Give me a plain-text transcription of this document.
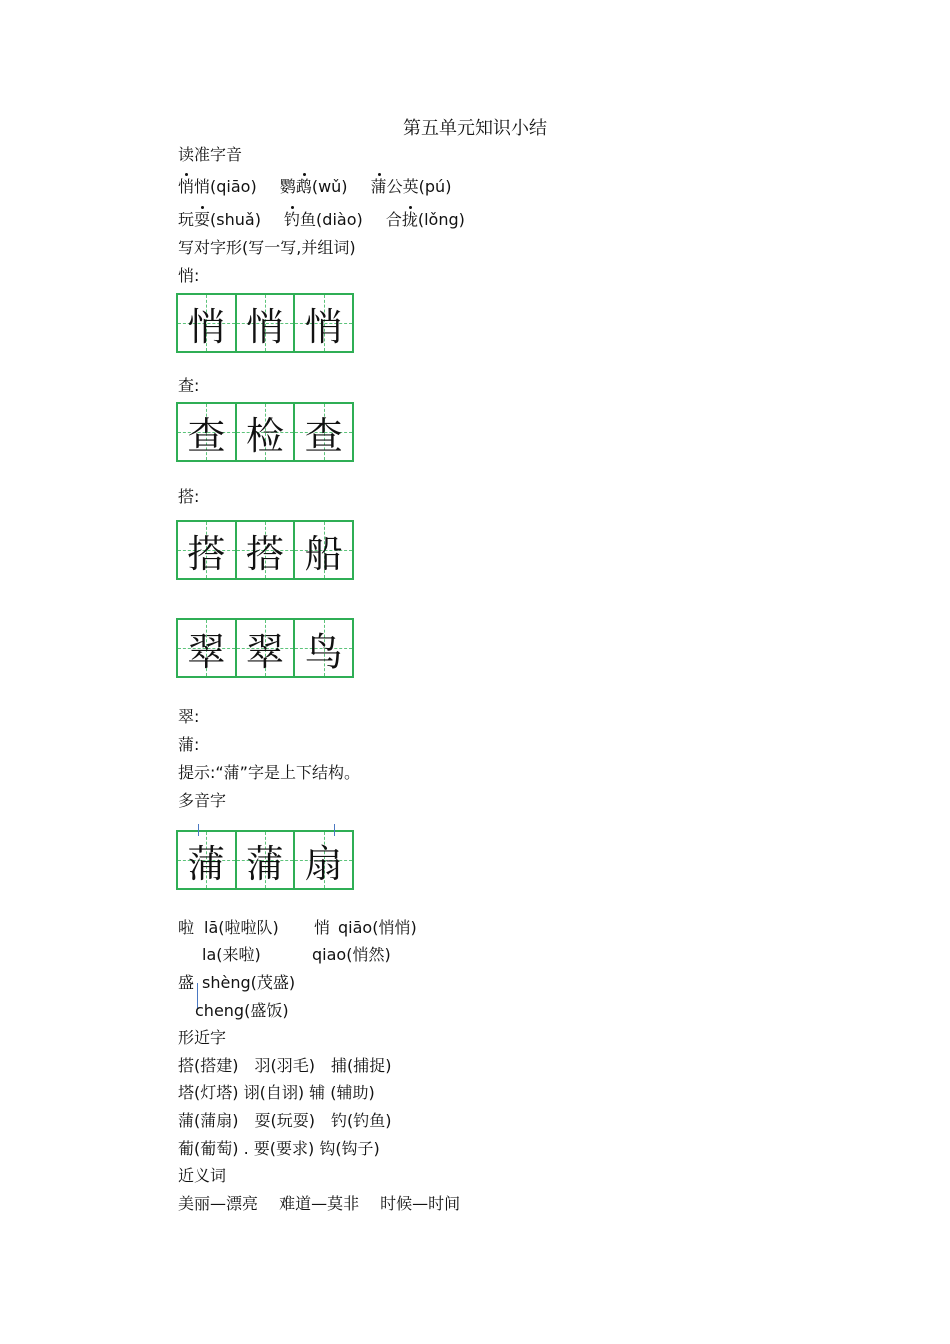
第五单元知识小结
读准字音
悄悄(qiāo) 鹦鹉(wǔ) 蒲公英(pú)
玩耍(shuǎ) 钓鱼(diào) 合拢(lǒng)
写对字形(写一写,并组词)
悄:
悄 悄 悄
查:
查 检 查
搭:
搭 搭 船
翠 翠 鸟
翠:
蒲:
提示:“蒲”字是上下结构。
多音字
蒲 蒲 扇
啦 lā(啦啦队) 悄 qiāo(悄悄)
la(来啦)	qiao(悄然)
盛 shèng(茂盛)
cheng(盛饭)
形近字
搭(搭建)　羽(羽毛)　捕(捕捉)
塔(灯塔) 诩(自诩) 辅 (辅助)
蒲(蒲扇)　耍(玩耍)　钓(钓鱼)
葡(葡萄) . 要(要求) 钩(钩子)
近义词
美丽—漂亮　 难道—莫非　 时候—时间
